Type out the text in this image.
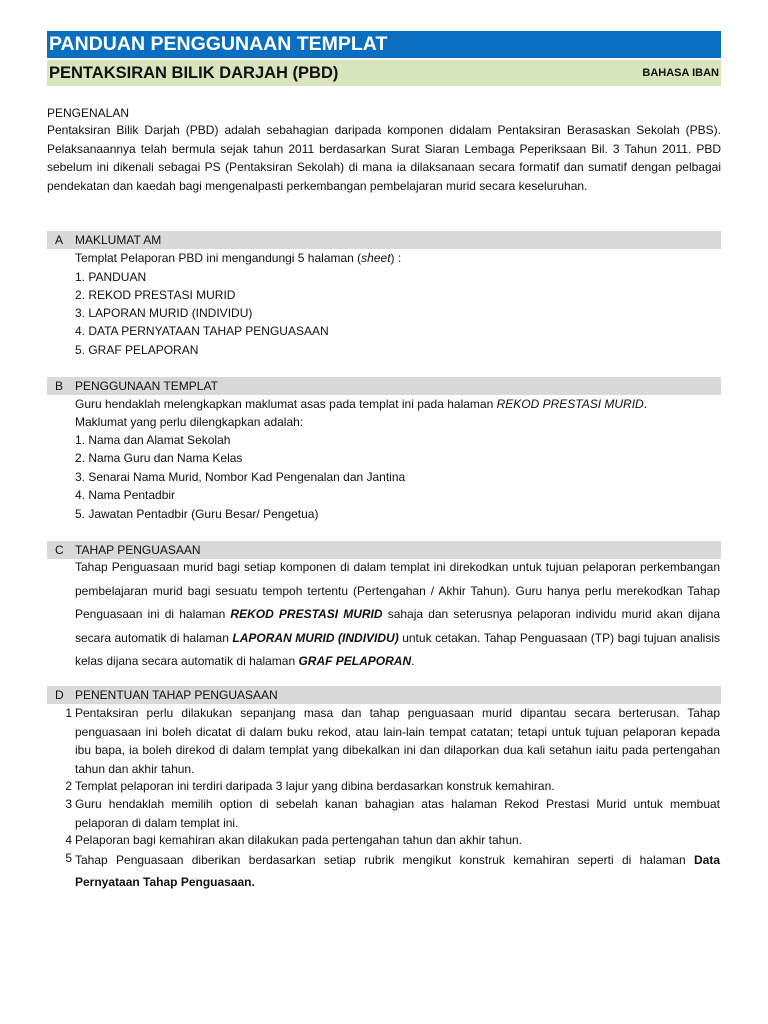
PANDUAN PENGGUNAAN TEMPLAT
PENTAKSIRAN BILIK DARJAH (PBD)	BAHASA IBAN
PENGENALAN
Pentaksiran Bilik Darjah (PBD) adalah sebahagian daripada komponen didalam Pentaksiran Berasaskan Sekolah (PBS). Pelaksanaannya telah bermula sejak tahun 2011 berdasarkan Surat Siaran Lembaga Peperiksaan Bil. 3 Tahun 2011. PBD sebelum ini dikenali sebagai PS (Pentaksiran Sekolah) di mana ia dilaksanaan secara formatif dan sumatif dengan pelbagai pendekatan dan kaedah bagi mengenalpasti perkembangan pembelajaran murid secara keseluruhan.
A MAKLUMAT AM
Templat Pelaporan PBD ini mengandungi 5 halaman (sheet) :
1. PANDUAN
2. REKOD PRESTASI MURID
3. LAPORAN MURID (INDIVIDU)
4. DATA PERNYATAAN TAHAP PENGUASAAN
5. GRAF PELAPORAN
B PENGGUNAAN TEMPLAT
Guru hendaklah melengkapkan maklumat asas pada templat ini pada halaman REKOD PRESTASI MURID.
Maklumat yang perlu dilengkapkan adalah:
1. Nama dan Alamat Sekolah
2. Nama Guru dan Nama Kelas
3. Senarai Nama Murid, Nombor Kad Pengenalan dan Jantina
4. Nama Pentadbir
5. Jawatan Pentadbir (Guru Besar/ Pengetua)
C TAHAP PENGUASAAN
Tahap Penguasaan murid bagi setiap komponen di dalam templat ini direkodkan untuk tujuan pelaporan perkembangan pembelajaran murid bagi sesuatu tempoh tertentu (Pertengahan / Akhir Tahun). Guru hanya perlu merekodkan Tahap Penguasaan ini di halaman REKOD PRESTASI MURID sahaja dan seterusnya pelaporan individu murid akan dijana secara automatik di halaman LAPORAN MURID (INDIVIDU) untuk cetakan. Tahap Penguasaan (TP) bagi tujuan analisis kelas dijana secara automatik di halaman GRAF PELAPORAN.
D PENENTUAN TAHAP PENGUASAAN
1 Pentaksiran perlu dilakukan sepanjang masa dan tahap penguasaan murid dipantau secara berterusan. Tahap penguasaan ini boleh dicatat di dalam buku rekod, atau lain-lain tempat catatan; tetapi untuk tujuan pelaporan kepada ibu bapa, ia boleh direkod di dalam templat yang dibekalkan ini dan dilaporkan dua kali setahun iaitu pada pertengahan tahun dan akhir tahun.
2 Templat pelaporan ini terdiri daripada 3 lajur yang dibina berdasarkan konstruk kemahiran.
3 Guru hendaklah memilih option di sebelah kanan bahagian atas halaman Rekod Prestasi Murid untuk membuat pelaporan di dalam templat ini.
4 Pelaporan bagi kemahiran akan dilakukan pada pertengahan tahun dan akhir tahun.
5 Tahap Penguasaan diberikan berdasarkan setiap rubrik mengikut konstruk kemahiran seperti di halaman Data Pernyataan Tahap Penguasaan.
